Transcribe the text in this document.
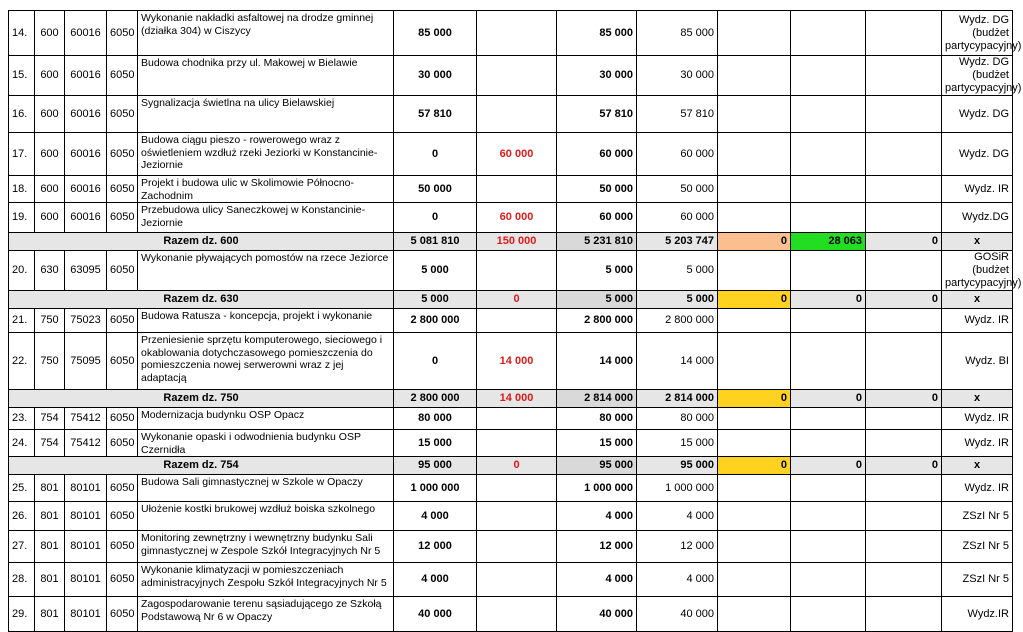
14.	600	60016	6050	Wykonanie nakładki asfaltowej na drodze gminnej (działka 304) w Ciszycy	85 000		85 000	85 000				Wydz. DG (budżet partycypacyjny)
15.	600	60016	6050	Budowa chodnika przy ul. Makowej w Bielawie	30 000		30 000	30 000				Wydz. DG (budżet partycypacyjny)
16.	600	60016	6050	Sygnalizacja świetlna na ulicy Bielawskiej	57 810		57 810	57 810				Wydz. DG
17.	600	60016	6050	Budowa ciągu pieszo - rowerowego wraz z oświetleniem wzdłuż rzeki Jeziorki w Konstancinie-Jeziornie	0	60 000	60 000	60 000				Wydz. DG
18.	600	60016	6050	Projekt i budowa ulic w Skolimowie Północno-Zachodnim	50 000		50 000	50 000				Wydz. IR
19.	600	60016	6050	Przebudowa ulicy Saneczkowej w Konstancinie-Jeziornie	0	60 000	60 000	60 000				Wydz.DG
Razem dz. 600					5 081 810	150 000	5 231 810	5 203 747	0	28 063	0	x
20.	630	63095	6050	Wykonanie pływających pomostów na rzece Jeziorce	5 000		5 000	5 000				GOSiR (budżet partycypacyjny)
Razem dz. 630					5 000	0	5 000	5 000	0	0	0	x
21.	750	75023	6050	Budowa Ratusza - koncepcja, projekt i wykonanie	2 800 000		2 800 000	2 800 000				Wydz. IR
22.	750	75095	6050	Przeniesienie sprzętu komputerowego, sieciowego i okablowania dotychczasowego pomieszczenia do pomieszczenia nowej serwerowni wraz z jej adaptacją	0	14 000	14 000	14 000				Wydz. BI
Razem dz. 750					2 800 000	14 000	2 814 000	2 814 000	0	0	0	x
23.	754	75412	6050	Modernizacja budynku OSP Opacz	80 000		80 000	80 000				Wydz. IR
24.	754	75412	6050	Wykonanie opaski i odwodnienia budynku OSP Czernidła	15 000		15 000	15 000				Wydz. IR
Razem dz. 754					95 000	0	95 000	95 000	0	0	0	x
25.	801	80101	6050	Budowa Sali gimnastycznej w Szkole w Opaczy	1 000 000		1 000 000	1 000 000				Wydz. IR
26.	801	80101	6050	Ułożenie kostki brukowej wzdłuż boiska szkolnego	4 000		4 000	4 000				ZSzI Nr 5
27.	801	80101	6050	Monitoring zewnętrzny i wewnętrzny budynku Sali gimnastycznej w Zespole Szkół Integracyjnych Nr 5	12 000		12 000	12 000				ZSzI Nr 5
28.	801	80101	6050	Wykonanie klimatyzacji w pomieszczeniach administracyjnych Zespołu Szkół Integracyjnych Nr 5	4 000		4 000	4 000				ZSzI Nr 5
29.	801	80101	6050	Zagospodarowanie terenu sąsiadującego ze Szkołą Podstawową Nr 6 w Opaczy	40 000		40 000	40 000				Wydz.IR
